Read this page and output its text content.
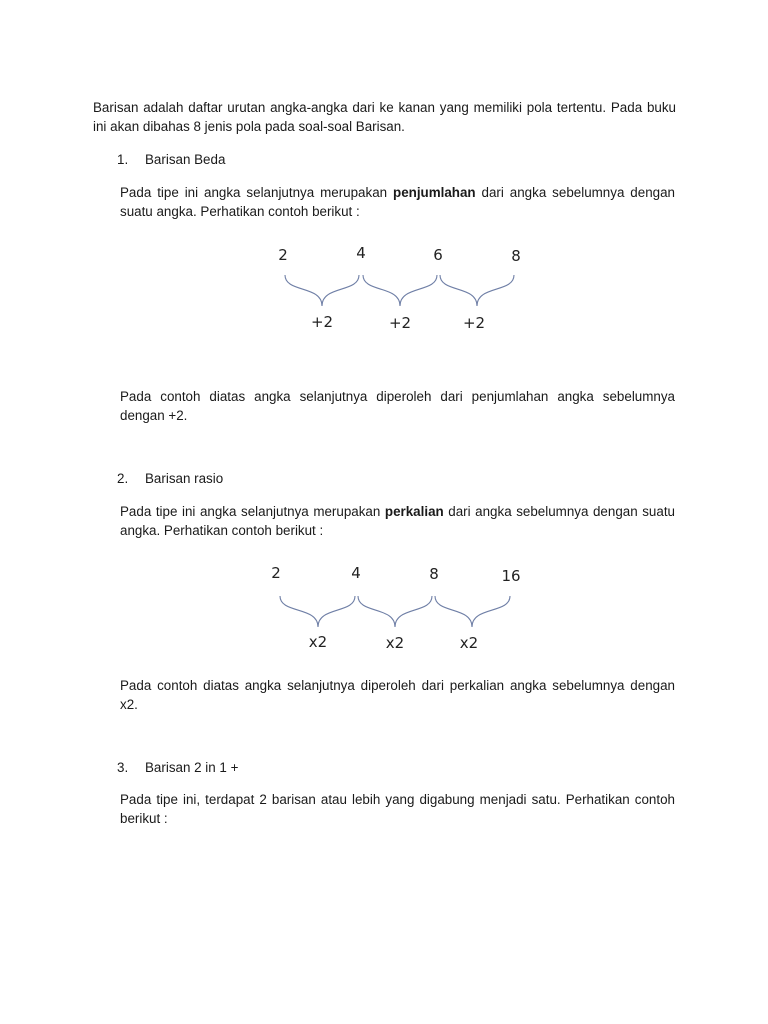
Barisan adalah daftar urutan angka-angka dari ke kanan yang memiliki pola tertentu. Pada buku ini akan dibahas 8 jenis pola pada soal-soal Barisan.

1. Barisan Beda

Pada tipe ini angka selanjutnya merupakan penjumlahan dari angka sebelumnya dengan suatu angka. Perhatikan contoh berikut :

2	4	6	8
+2	+2	+2

Pada contoh diatas angka selanjutnya diperoleh dari penjumlahan angka sebelumnya dengan +2.

2. Barisan rasio

Pada tipe ini angka selanjutnya merupakan perkalian dari angka sebelumnya dengan suatu angka. Perhatikan contoh berikut :

2	4	8	16
x2	x2	x2

Pada contoh diatas angka selanjutnya diperoleh dari perkalian angka sebelumnya dengan x2.

3. Barisan 2 in 1 +

Pada tipe ini, terdapat 2 barisan atau lebih yang digabung menjadi satu. Perhatikan contoh berikut :
